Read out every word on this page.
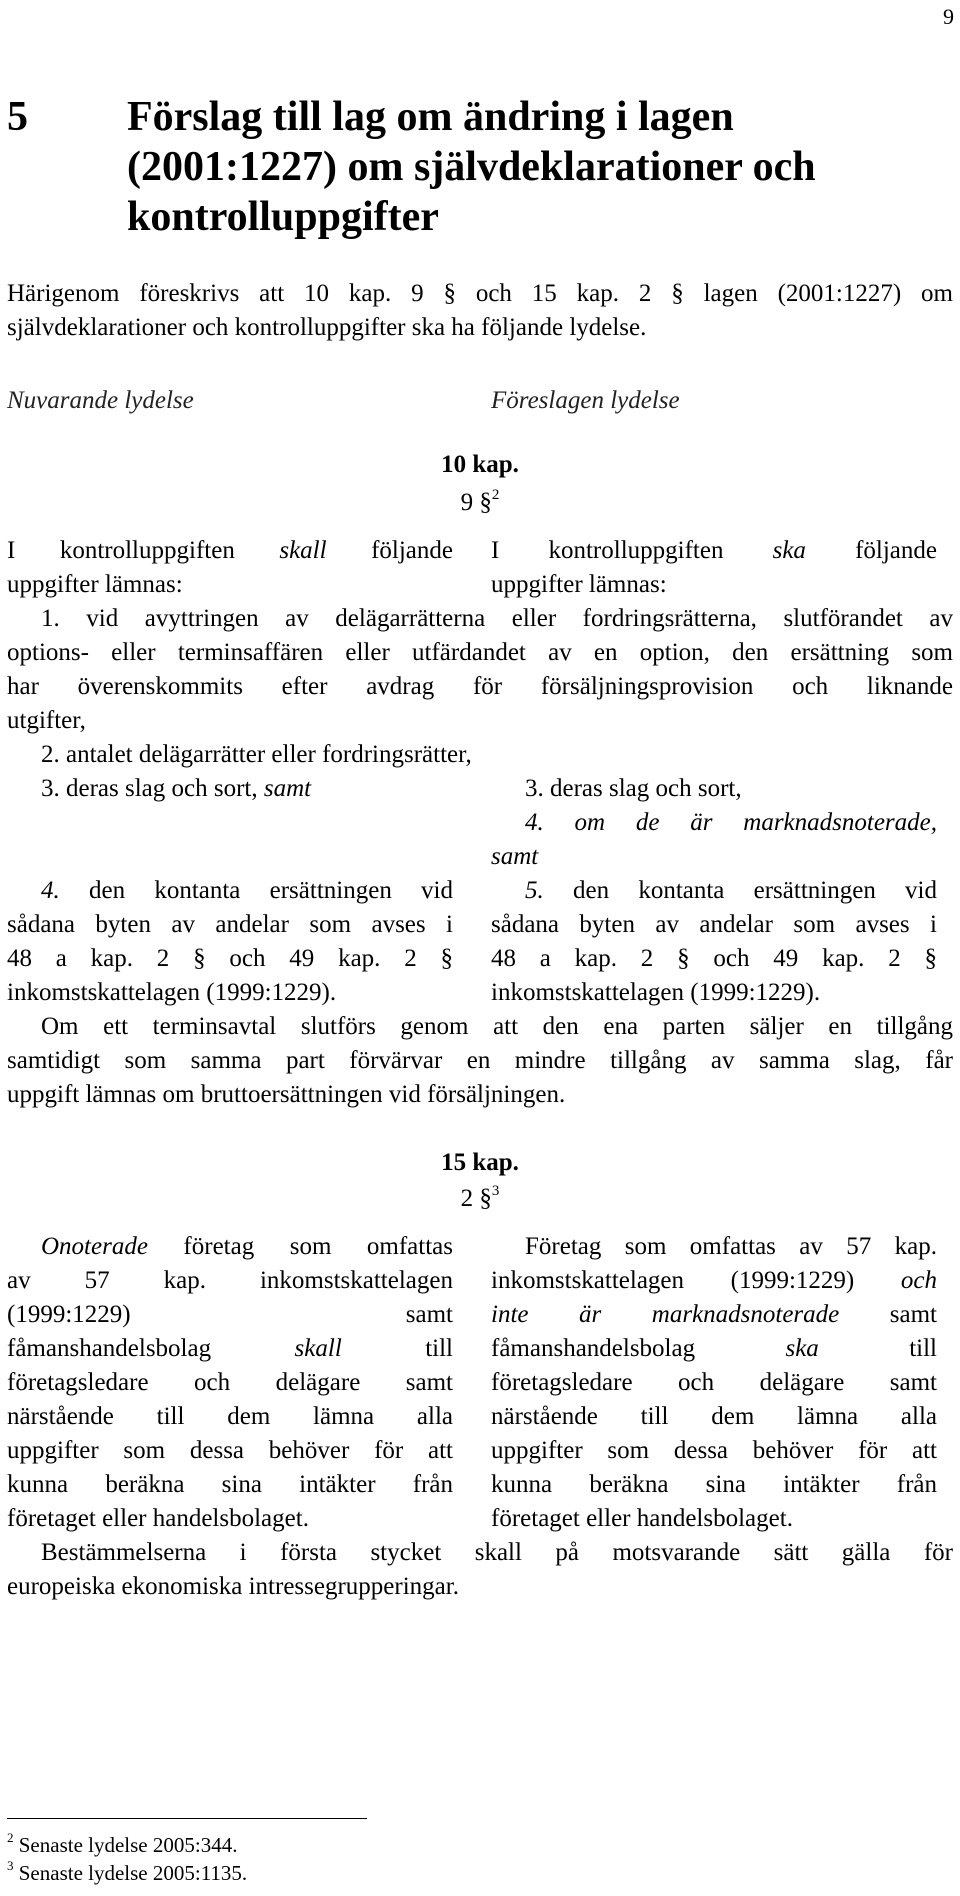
9
5 Förslag till lag om ändring i lagen
(2001:1227) om självdeklarationer och
kontrolluppgifter
Härigenom föreskrivs att 10 kap. 9 § och 15 kap. 2 § lagen (2001:1227) om
självdeklarationer och kontrolluppgifter ska ha följande lydelse.
Nuvarande lydelse	Föreslagen lydelse
10 kap.
9 §$^2$
I kontrolluppgiften skall följande
uppgifter lämnas:
I kontrolluppgiften ska följande
uppgifter lämnas:
1. vid avyttringen av delägarrätterna eller fordringsrätterna, slutförandet av
options- eller terminsaffären eller utfärdandet av en option, den ersättning som
har överenskommits efter avdrag för försäljningsprovision och liknande
utgifter,
2. antalet delägarrätter eller fordringsrätter,
3. deras slag och sort, samt	3. deras slag och sort,
4. om de är marknadsnoterade,
samt
4. den kontanta ersättningen vid
sådana byten av andelar som avses i
48 a kap. 2 § och 49 kap. 2 §
inkomstskattelagen (1999:1229).
5. den kontanta ersättningen vid
sådana byten av andelar som avses i
48 a kap. 2 § och 49 kap. 2 §
inkomstskattelagen (1999:1229).
Om ett terminsavtal slutförs genom att den ena parten säljer en tillgång
samtidigt som samma part förvärvar en mindre tillgång av samma slag, får
uppgift lämnas om bruttoersättningen vid försäljningen.
15 kap.
2 §$^3$
Onoterade företag som omfattas
av 57 kap. inkomstskattelagen
(1999:1229) samt
fåmanshandelsbolag skall till
företagsledare och delägare samt
närstående till dem lämna alla
uppgifter som dessa behöver för att
kunna beräkna sina intäkter från
företaget eller handelsbolaget.
Företag som omfattas av 57 kap.
inkomstskattelagen (1999:1229) och
inte är marknadsnoterade samt
fåmanshandelsbolag ska till
företagsledare och delägare samt
närstående till dem lämna alla
uppgifter som dessa behöver för att
kunna beräkna sina intäkter från
företaget eller handelsbolaget.
Bestämmelserna i första stycket skall på motsvarande sätt gälla för
europeiska ekonomiska intressegrupperingar.
$^2$ Senaste lydelse 2005:344.
$^3$ Senaste lydelse 2005:1135.
